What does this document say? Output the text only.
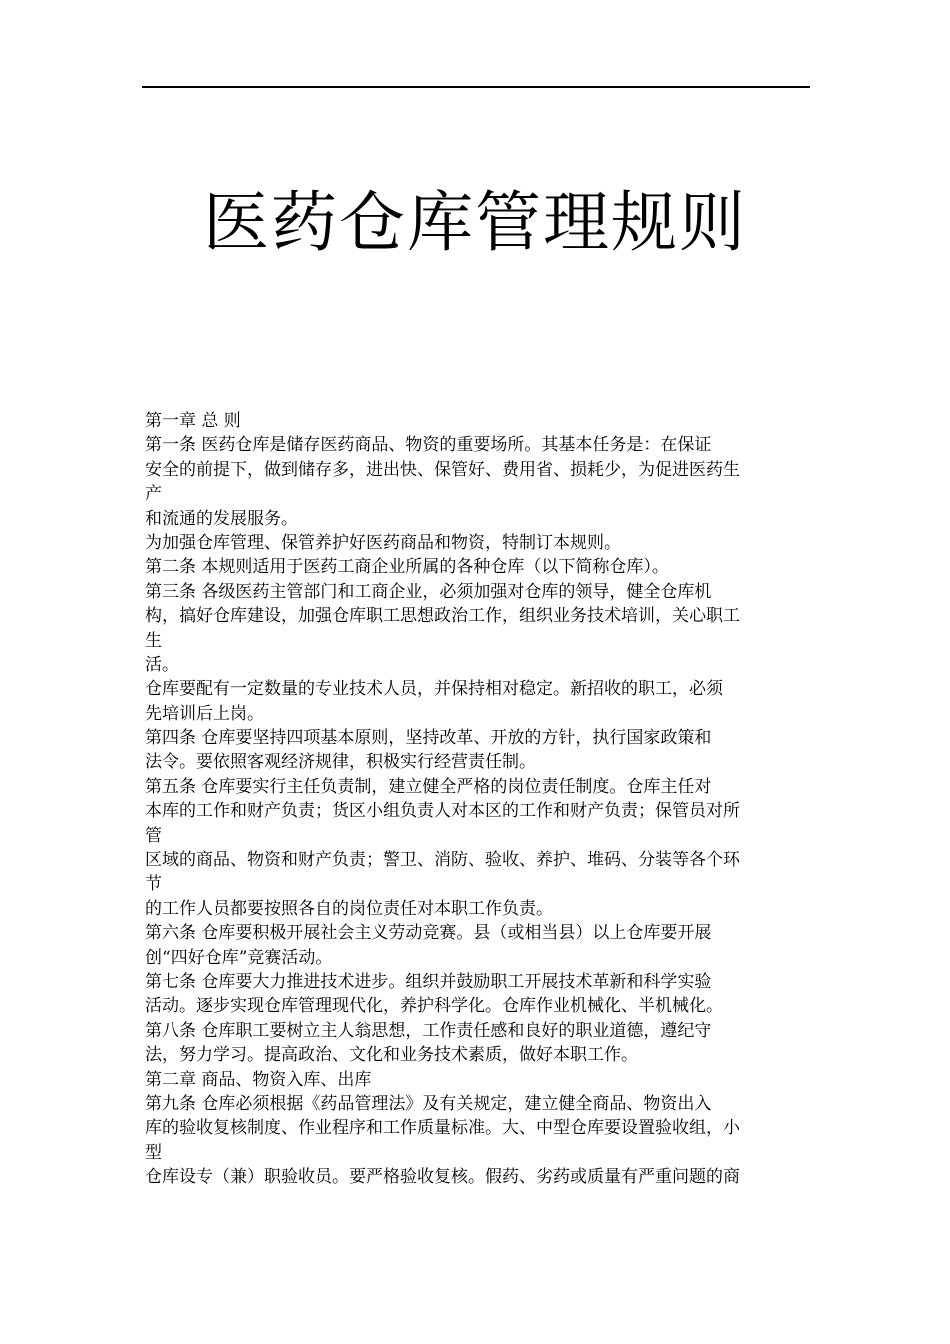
医药仓库管理规则
第一章 总 则
第一条 医药仓库是储存医药商品、物资的重要场所。其基本任务是：在保证
安全的前提下，做到储存多，进出快、保管好、费用省、损耗少，为促进医药生
产
和流通的发展服务。
为加强仓库管理、保管养护好医药商品和物资，特制订本规则。
第二条 本规则适用于医药工商企业所属的各种仓库（以下简称仓库）。
第三条 各级医药主管部门和工商企业，必须加强对仓库的领导，健全仓库机
构，搞好仓库建设，加强仓库职工思想政治工作，组织业务技术培训，关心职工
生
活。
仓库要配有一定数量的专业技术人员，并保持相对稳定。新招收的职工，必须
先培训后上岗。
第四条 仓库要坚持四项基本原则，坚持改革、开放的方针，执行国家政策和
法令。要依照客观经济规律，积极实行经营责任制。
第五条 仓库要实行主任负责制，建立健全严格的岗位责任制度。仓库主任对
本库的工作和财产负责；货区小组负责人对本区的工作和财产负责；保管员对所
管
区域的商品、物资和财产负责；警卫、消防、验收、养护、堆码、分装等各个环
节
的工作人员都要按照各自的岗位责任对本职工作负责。
第六条 仓库要积极开展社会主义劳动竞赛。县（或相当县）以上仓库要开展
创“四好仓库”竞赛活动。
第七条 仓库要大力推进技术进步。组织并鼓励职工开展技术革新和科学实验
活动。逐步实现仓库管理现代化，养护科学化。仓库作业机械化、半机械化。
第八条 仓库职工要树立主人翁思想，工作责任感和良好的职业道德，遵纪守
法，努力学习。提高政治、文化和业务技术素质，做好本职工作。
第二章 商品、物资入库、出库
第九条 仓库必须根据《药品管理法》及有关规定，建立健全商品、物资出入
库的验收复核制度、作业程序和工作质量标准。大、中型仓库要设置验收组，小
型
仓库设专（兼）职验收员。要严格验收复核。假药、劣药或质量有严重问题的商
